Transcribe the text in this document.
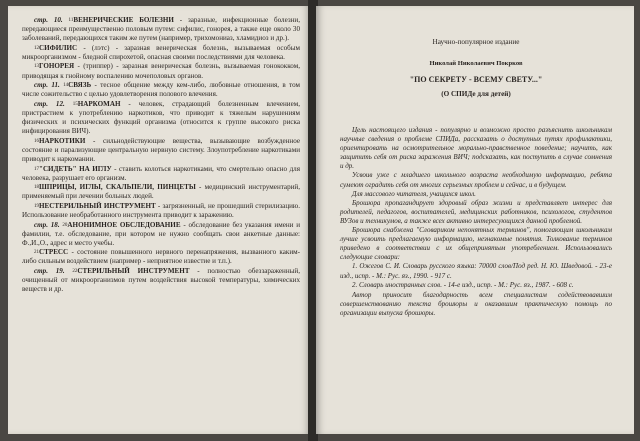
стр. 10. $^{11}$ВЕНЕРИЧЕСКИЕ БОЛЕЗНИ - заразные, инфекционные болезни, передающиеся преимущественно половым путем: сифилис, гонорея, а также еще около 30 заболеваний, передающихся таким же путем (например, трихомониаз, хламидиоз и др.).

$^{12}$СИФИЛИС - (лэтс) - заразная венерическая болезнь, вызываемая особым микроорганизмом - бледной спирохетой, опасная своими последствиями для человека.

$^{13}$ГОНОРЕЯ - (триппер) - заразная венерическая болезнь, вызываемая гонококком, приводящая к гнойному воспалению мочеполовых органов.

стр. 11. $^{14}$СВЯЗЬ - тесное общение между кем-либо, любовные отношения, в том числе сожительство с целью удовлетворения полового влечения.

стр. 12. $^{15}$НАРКОМАН - человек, страдающий болезненным влечением, пристрастием к употреблению наркотиков, что приводит к тяжелым нарушениям физических и психических функций организма (относится к группе высокого риска инфицирования ВИЧ).

$^{16}$НАРКОТИКИ - сильнодействующие вещества, вызывающие возбужденное состояние и парализующие центральную нервную систему. Злоупотребление наркотиками приводит к наркомании.

$^{17}$"СИДЕТЬ" НА ИГЛУ - ставить колоться наркотиками, что смертельно опасно для человека, разрушает его организм.

$^{18}$ШПРИЦЫ, ИГЛЫ, СКАЛЬПЕЛИ, ПИНЦЕТЫ - медицинский инструментарий, применяемый при лечении больных людей.

$^{19}$НЕСТЕРИЛЬНЫЙ ИНСТРУМЕНТ - загрязненный, не прошедший стерилизацию. Использование необработанного инструмента приводит к заражению.

стр. 18. $^{20}$АНОНИМНОЕ ОБСЛЕДОВАНИЕ - обследование без указания имени и фамилии, т.е. обследование, при котором не нужно сообщать свои анкетные данные: Ф.,И.,О., адрес и место учебы.

$^{21}$СТРЕСС - состояние повышенного нервного перенапряжения, вызванного каким-либо сильным воздействием (например - неприятное известие и т.п.).

стр. 19. $^{22}$СТЕРИЛЬНЫЙ ИНСТРУМЕНТ - полностью обеззараженный, очищенный от микроорганизмов путем воздействия высокой температуры, химических веществ и др.

Научно-популярное издание

Николай Николаевич Покрков

"ПО СЕКРЕТУ - ВСЕМУ СВЕТУ..."

(О СПИДе для детей)

Цель настоящего издания - популярно и возможно просто разъяснить школьникам научные сведения о проблеме СПИДа, рассказать о доступных путях профилактики, ориентировать на осмотрительное морально-правственное поведение; научить, как защитить себя от риска заражения ВИЧ; подсказать, как поступить в случае сомнения и др.

Усвоив уже с младшего школьного возраста необходимую информацию, ребята сумеют оградить себя от многих серьезных проблем и сейчас, и в будущем.

Для массового читателя, учащихся школ.

Брошюра пропагандирует здоровый образ жизни и представляет интерес для родителей, педагогов, воспитателей, медицинских работников, психологов, студентов ВУЗов и техникумов, а также всех активно интересующихся данной проблемой.

Брошюра снабжена "Словариком непонятных терминов", помогающим школьникам лучше усвоить предлагаемую информацию, незнакомые понятия. Толкование терминов приведено в соответствии с их общепринятым употреблением. Использовались следующие словари:

1. Ожегов С. И. Словарь русского языка: 70000 слов/Под ред. Н. Ю. Шведовой. - 23-е изд., испр. - М.: Рус. яз., 1990. - 917 с.

2. Словарь иностранных слов. - 14-е изд., испр. - М.: Рус. яз., 1987. - 608 с.

Автор приносит благодарность всем специалистам содействовавшим совершенствованию текста брошюры и оказавшим практическую помощь по организации выпуска брошюры.
